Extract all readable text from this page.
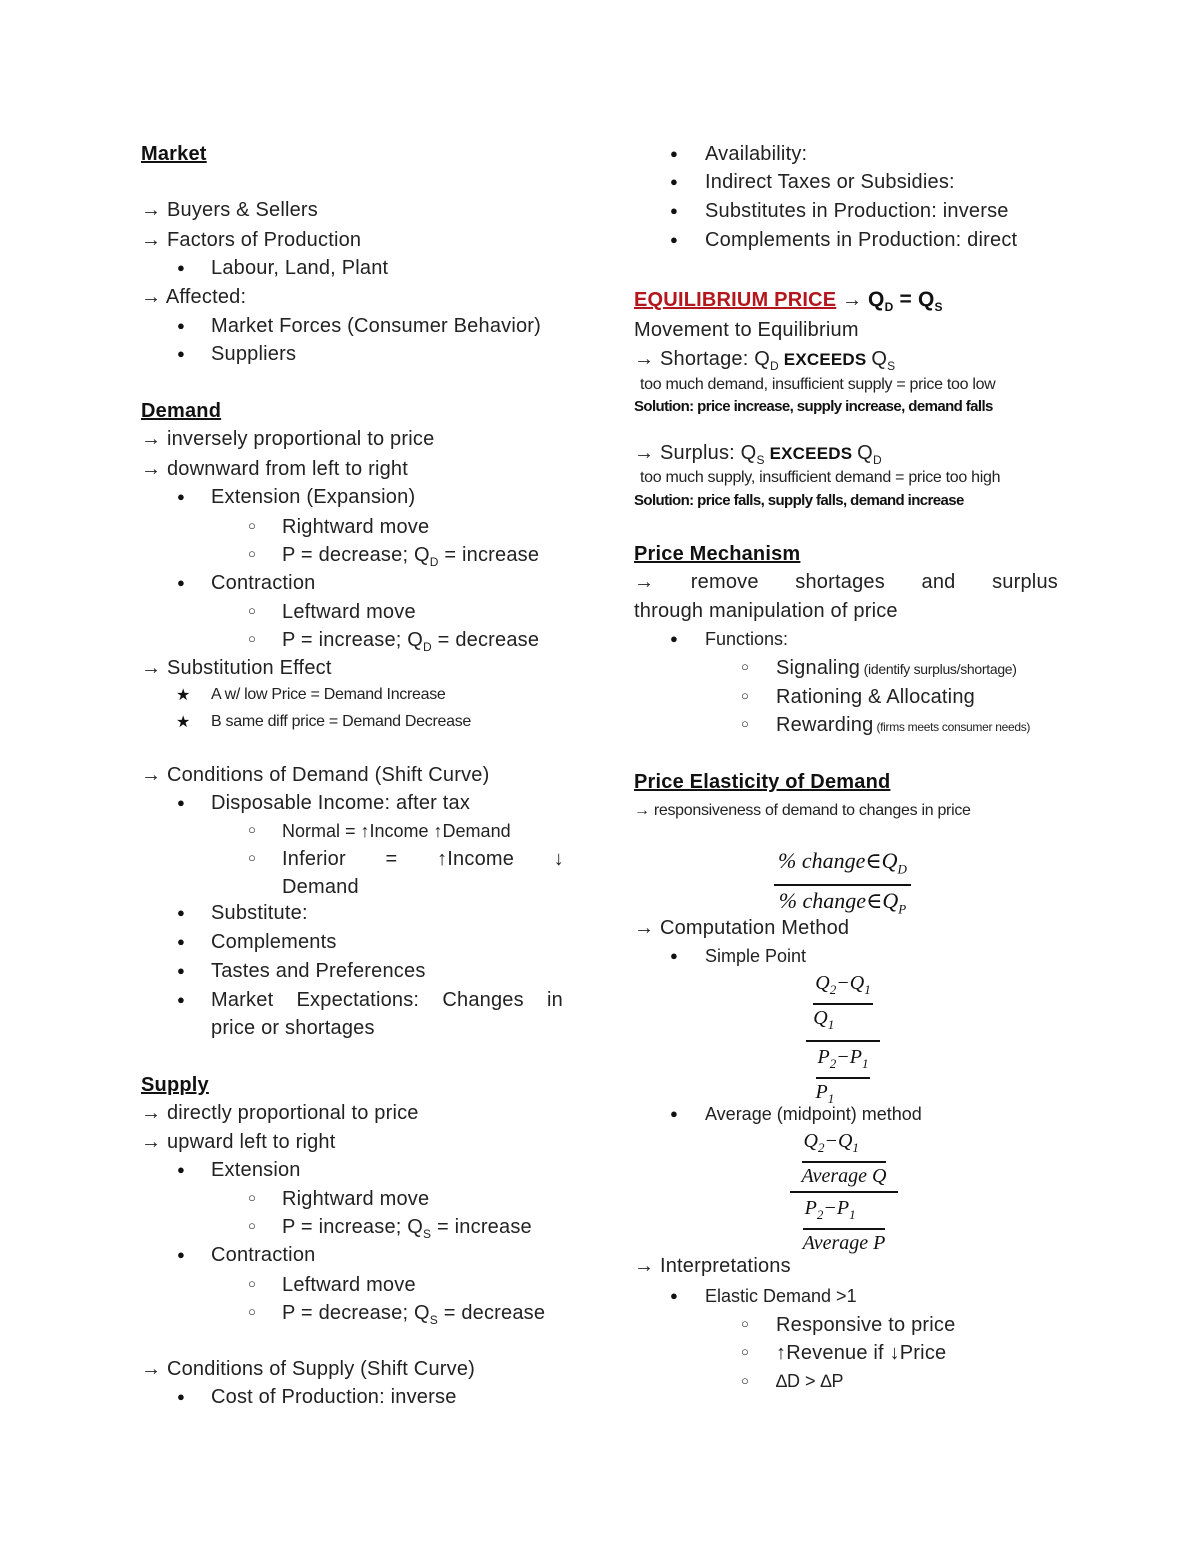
Market
→ Buyers & Sellers
→ Factors of Production
● Labour, Land, Plant
→ Affected:
● Market Forces (Consumer Behavior)
● Suppliers
Demand
→ inversely proportional to price
→ downward from left to right
● Extension (Expansion)
○ Rightward move
○ P = decrease; $Q_D$ = increase
● Contraction
○ Leftward move
○ P = increase; $Q_D$ = decrease
→ Substitution Effect
★ A w/ low Price = Demand Increase
★ B same diff price = Demand Decrease
→ Conditions of Demand (Shift Curve)
● Disposable Income: after tax
○ Normal = ↑Income ↑Demand
○ Inferior = ↑Income ↓
Demand
● Substitute:
● Complements
● Tastes and Preferences
● Market Expectations: Changes in
price or shortages
Supply
→ directly proportional to price
→ upward left to right
● Extension
○ Rightward move
○ P = increase; $Q_S$ = increase
● Contraction
○ Leftward move
○ P = decrease; $Q_S$ = decrease
→ Conditions of Supply (Shift Curve)
● Cost of Production: inverse
● Availability:
● Indirect Taxes or Subsidies:
● Substitutes in Production: inverse
● Complements in Production: direct
EQUILIBRIUM PRICE → $Q_D = Q_S$
Movement to Equilibrium
→ Shortage: $Q_D$ EXCEEDS $Q_S$
too much demand, insufficient supply = price too low
Solution: price increase, supply increase, demand falls
→ Surplus: $Q_S$ EXCEEDS $Q_D$
too much supply, insufficient demand = price too high
Solution: price falls, supply falls, demand increase
Price Mechanism
→ remove shortages and surplus
through manipulation of price
● Functions:
○ Signaling (identify surplus/shortage)
○ Rationing & Allocating
○ Rewarding (firms meets consumer needs)
Price Elasticity of Demand
→ responsiveness of demand to changes in price
% $change\in Q_D$
% $change\in Q_P$
→ Computation Method
● Simple Point
$Q_2-Q_1$
$Q_1$
$P_2-P_1$
$P_1$
● Average (midpoint) method
$Q_2-Q_1$
Average Q
$P_2-P_1$
Average P
→ Interpretations
● Elastic Demand >1
○ Responsive to price
○ ↑Revenue if ↓Price
○ ∆D > ∆P
